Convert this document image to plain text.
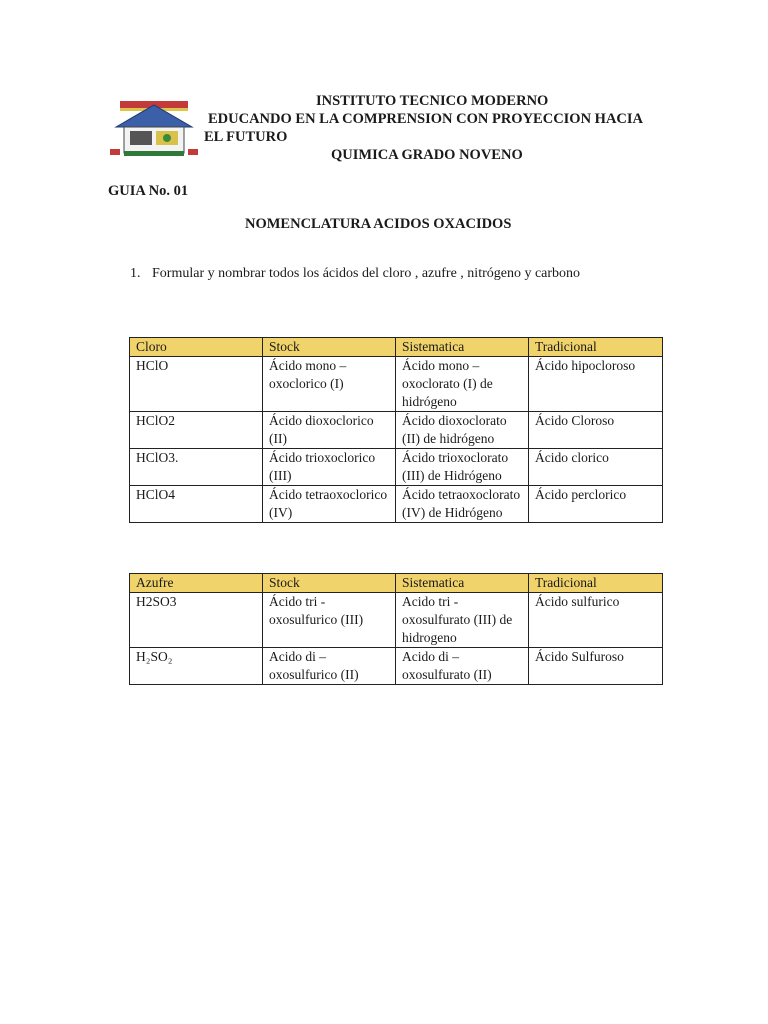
INSTITUTO TECNICO MODERNO
EDUCANDO EN LA COMPRENSION CON PROYECCION HACIA
EL FUTURO
QUIMICA GRADO NOVENO
GUIA No. 01
NOMENCLATURA ACIDOS OXACIDOS
1. Formular y nombrar todos los ácidos del cloro , azufre , nitrógeno y carbono
Cloro	Stock	Sistematica	Tradicional
HClO	Ácido mono – oxoclorico (I)	Ácido mono – oxoclorato (I) de hidrógeno	Ácido hipocloroso
HClO2	Ácido dioxoclorico (II)	Ácido dioxoclorato (II) de hidrógeno	Ácido Cloroso
HClO3.	Ácido trioxoclorico (III)	Ácido trioxoclorato (III) de Hidrógeno	Ácido clorico
HClO4	Ácido tetraoxoclorico (IV)	Ácido tetraoxoclorato (IV) de Hidrógeno	Ácido perclorico
Azufre	Stock	Sistematica	Tradicional
H2SO3	Ácido tri - oxosulfurico (III)	Acido tri - oxosulfurato (III) de hidrogeno	Ácido sulfurico
H₂SO₂	Acido di – oxosulfurico (II)	Acido di – oxosulfurato (II)	Ácido Sulfuroso
